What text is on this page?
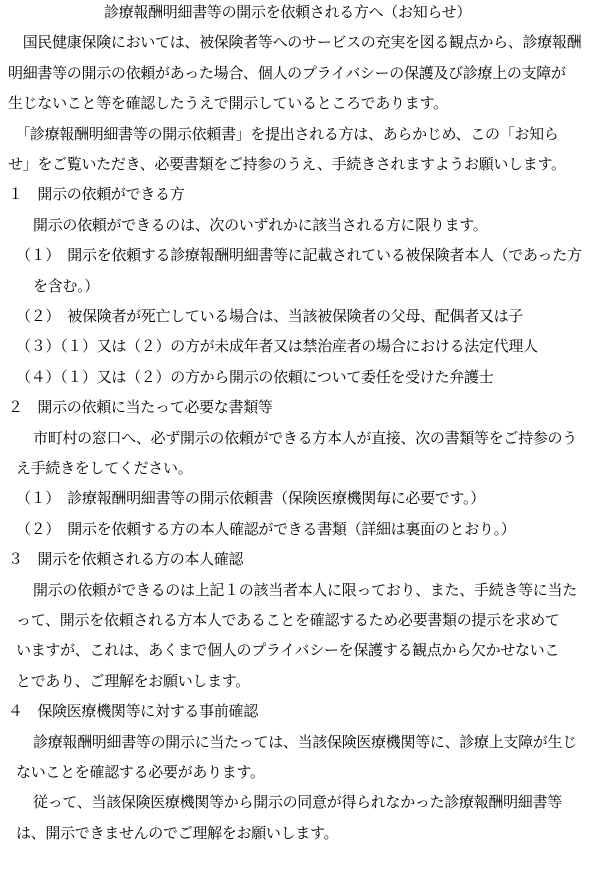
診療報酬明細書等の開示を依頼される方へ（お知らせ）
　国民健康保険においては、被保険者等へのサービスの充実を図る観点から、診療報酬
明細書等の開示の依頼があった場合、個人のプライバシーの保護及び診療上の支障が
生じないこと等を確認したうえで開示しているところであります。
　「診療報酬明細書等の開示依頼書」を提出される方は、あらかじめ、この「お知ら
せ」をご覧いただき、必要書類をご持参のうえ、手続きされますようお願いします。
１　開示の依頼ができる方
開示の依頼ができるのは、次のいずれかに該当される方に限ります。
（１）　開示を依頼する診療報酬明細書等に記載されている被保険者本人（であった方
を含む。）
（２）　被保険者が死亡している場合は、当該被保険者の父母、配偶者又は子
（３）（１）又は（２）の方が未成年者又は禁治産者の場合における法定代理人
（４）（１）又は（２）の方から開示の依頼について委任を受けた弁護士
２　開示の依頼に当たって必要な書類等
市町村の窓口へ、必ず開示の依頼ができる方本人が直接、次の書類等をご持参のう
え手続きをしてください。
（１）　診療報酬明細書等の開示依頼書（保険医療機関毎に必要です。）
（２）　開示を依頼する方の本人確認ができる書類（詳細は裏面のとおり。）
３　開示を依頼される方の本人確認
開示の依頼ができるのは上記１の該当者本人に限っており、また、手続き等に当た
って、開示を依頼される方本人であることを確認するため必要書類の提示を求めて
いますが、これは、あくまで個人のプライバシーを保護する観点から欠かせないこ
とであり、ご理解をお願いします。
４　保険医療機関等に対する事前確認
診療報酬明細書等の開示に当たっては、当該保険医療機関等に、診療上支障が生じ
ないことを確認する必要があります。
従って、当該保険医療機関等から開示の同意が得られなかった診療報酬明細書等
は、開示できませんのでご理解をお願いします。
